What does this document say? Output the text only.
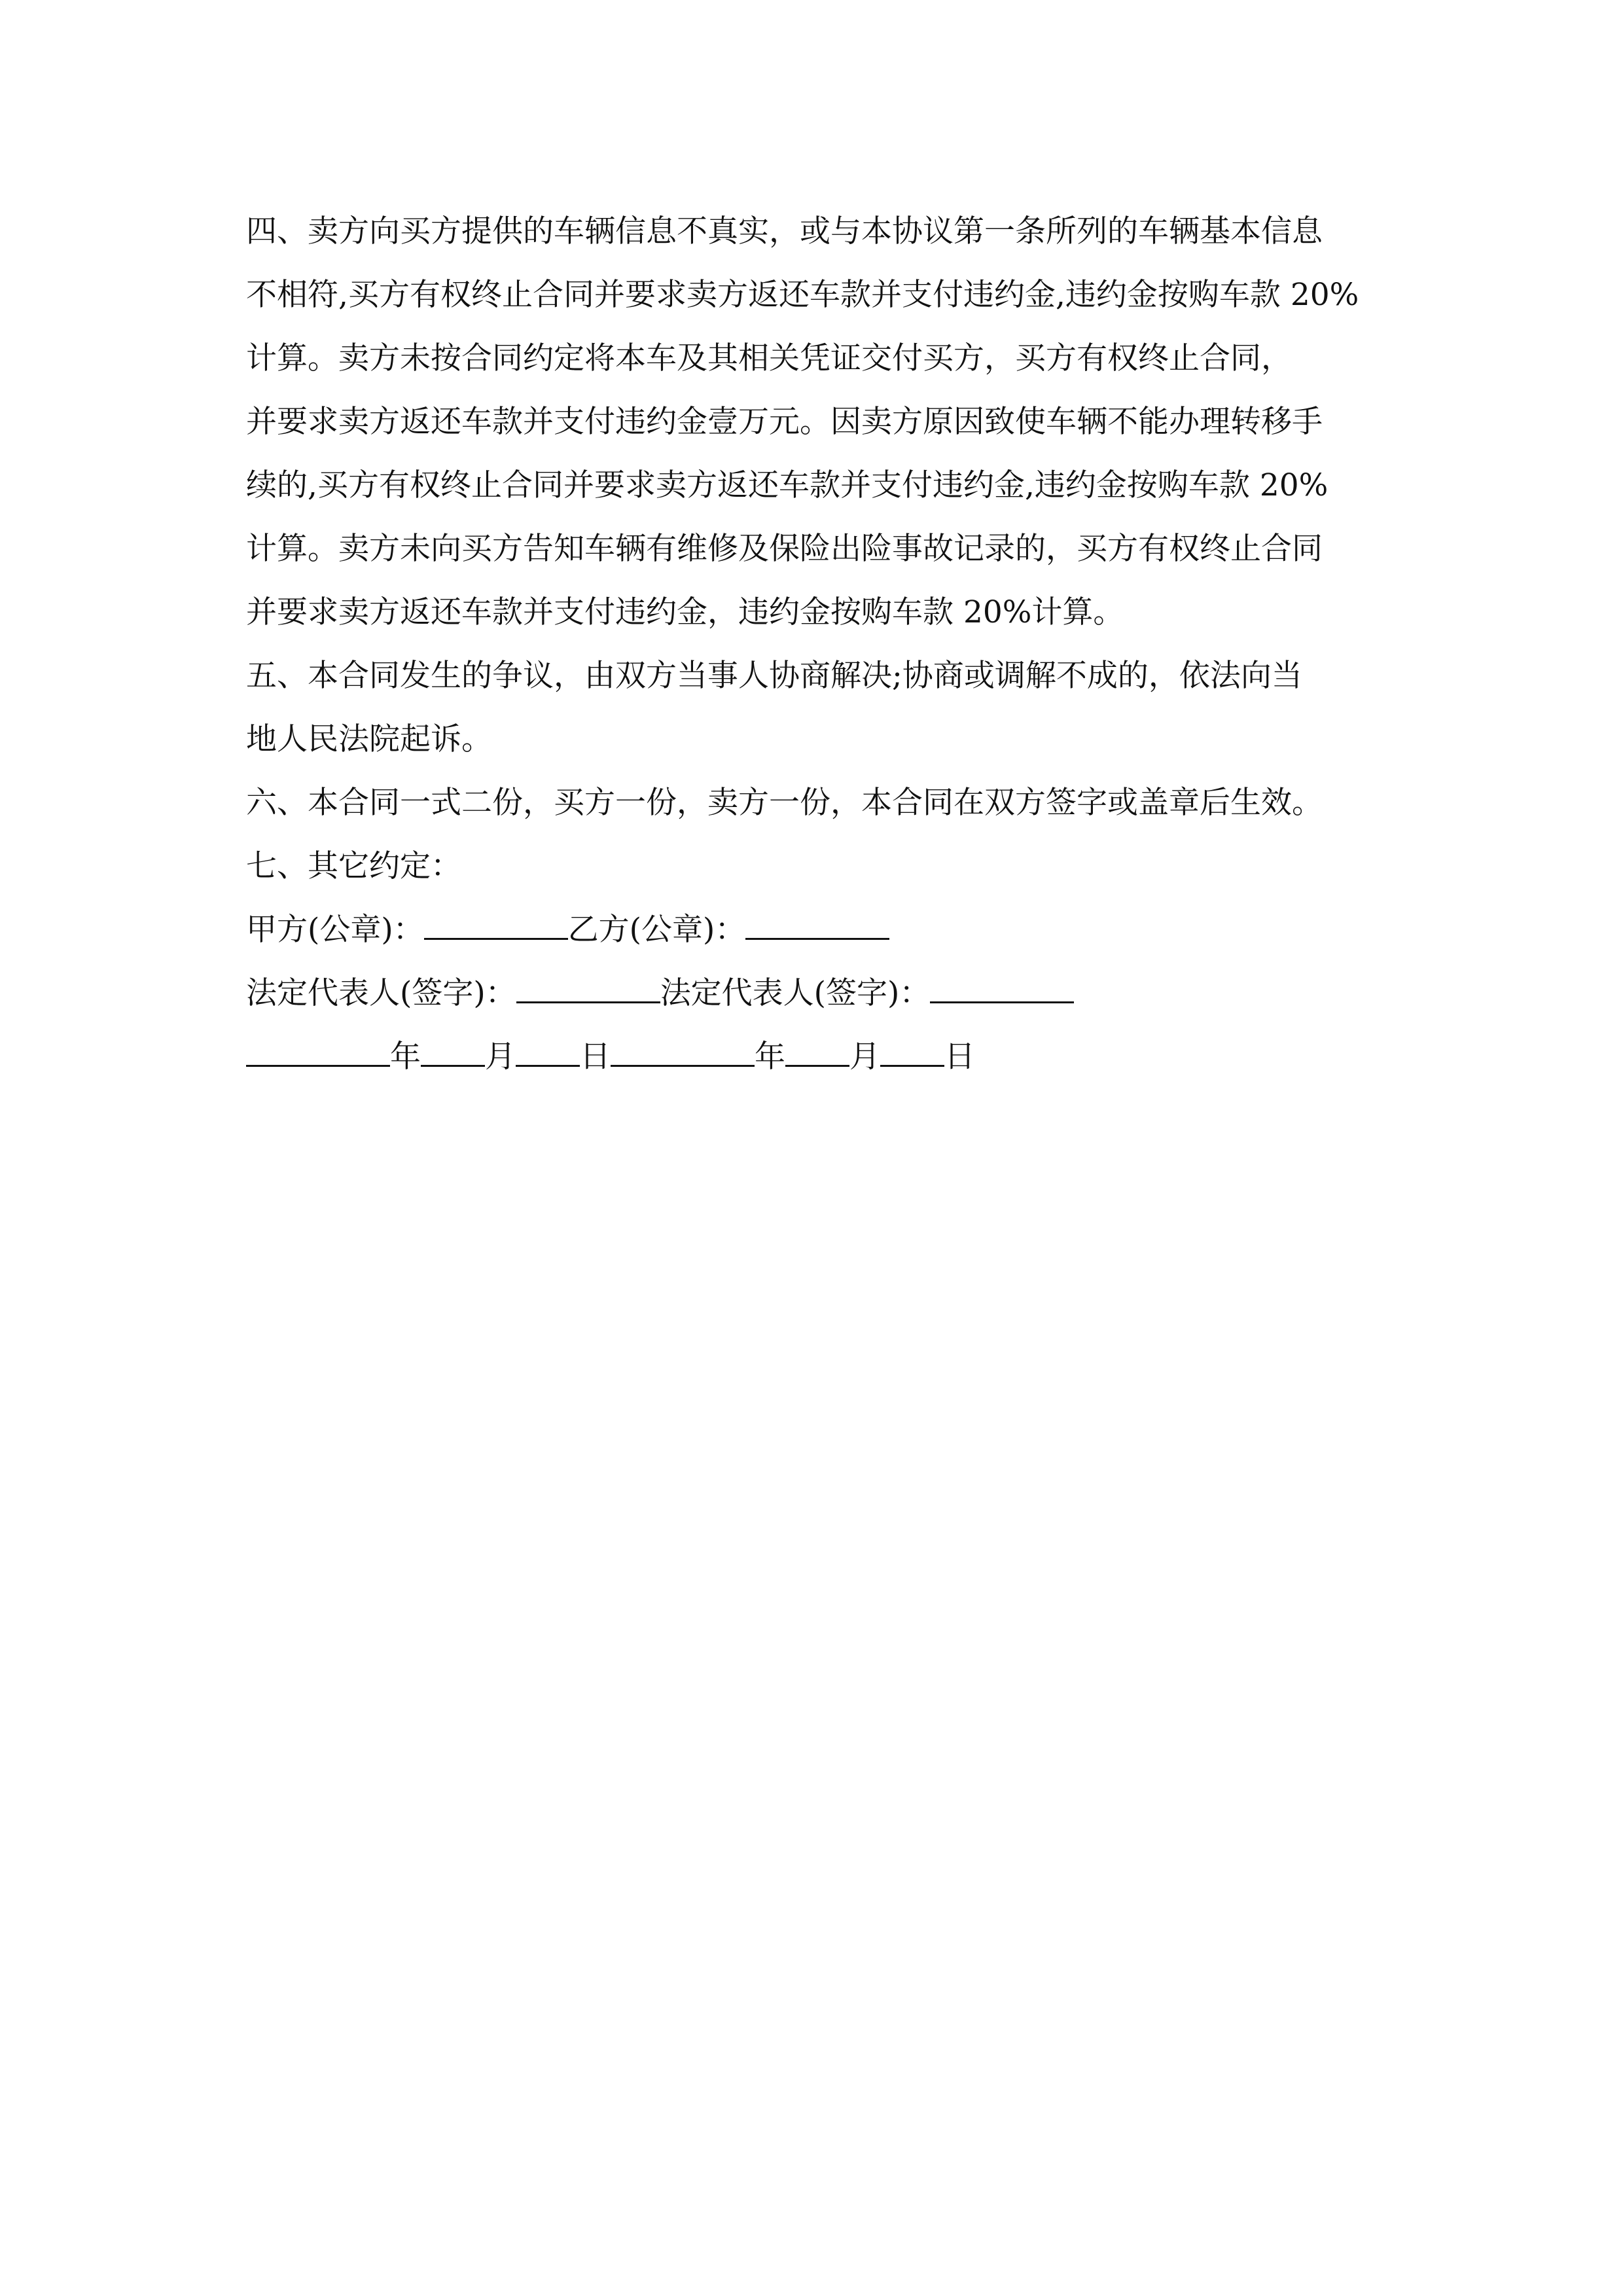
四、卖方向买方提供的车辆信息不真实，或与本协议第一条所列的车辆基本信息
不相符,买方有权终止合同并要求卖方返还车款并支付违约金,违约金按购车款 20%
计算。卖方未按合同约定将本车及其相关凭证交付买方，买方有权终止合同，
并要求卖方返还车款并支付违约金壹万元。因卖方原因致使车辆不能办理转移手
续的,买方有权终止合同并要求卖方返还车款并支付违约金,违约金按购车款 20%
计算。卖方未向买方告知车辆有维修及保险出险事故记录的，买方有权终止合同
并要求卖方返还车款并支付违约金，违约金按购车款 20%计算。
五、本合同发生的争议，由双方当事人协商解决;协商或调解不成的，依法向当
地人民法院起诉。
六、本合同一式二份，买方一份，卖方一份，本合同在双方签字或盖章后生效。
七、其它约定：
甲方(公章)：	乙方(公章)：
法定代表人(签字)：	法定代表人(签字)：
年 月 日	年 月 日
